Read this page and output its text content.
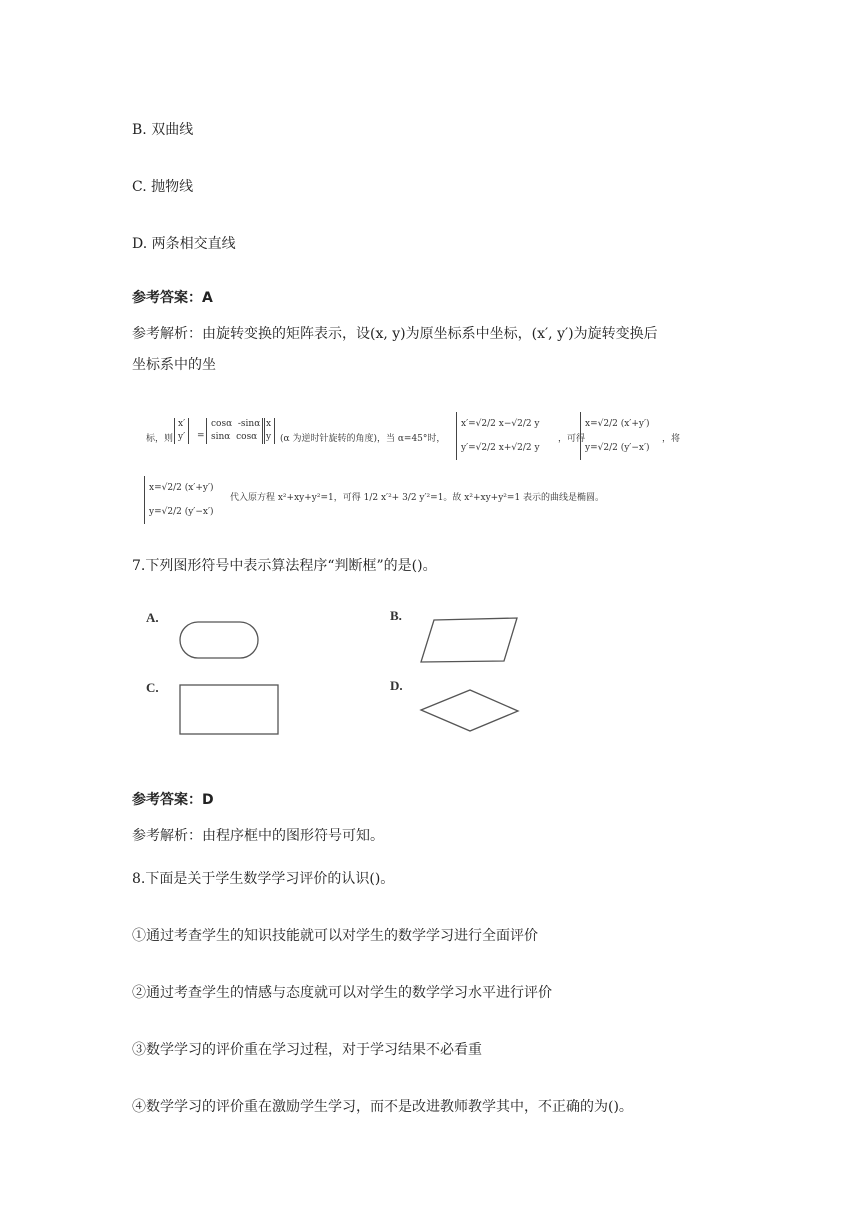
B. 双曲线
C. 抛物线
D. 两条相交直线
参考答案：A
参考解析：由旋转变换的矩阵表示，设(x, y)为原坐标系中坐标，(x′, y′)为旋转变换后
坐标系中的坐
标，则
x′
y′	=
cosα -sinα
sinα cosα
x
y (α 为逆时针旋转的角度)，当 α=45°时，
x′=√2/2 x−√2/2 y
y′=√2/2 x+√2/2 y
，可得
x=√2/2 (x′+y′)
y=√2/2 (y′−x′)
，将
x=√2/2 (x′+y′)
y=√2/2 (y′−x′)
代入原方程 x²+xy+y²=1，可得 1/2 x′²+ 3/2 y′²=1。故 x²+xy+y²=1 表示的曲线是椭圆。
7.下列图形符号中表示算法程序“判断框”的是()。
A.	B.
C.	D.
参考答案：D
参考解析：由程序框中的图形符号可知。
8.下面是关于学生数学学习评价的认识()。
①通过考查学生的知识技能就可以对学生的数学学习进行全面评价
②通过考查学生的情感与态度就可以对学生的数学学习水平进行评价
③数学学习的评价重在学习过程，对于学习结果不必看重
④数学学习的评价重在激励学生学习，而不是改进教师教学其中，不正确的为()。
